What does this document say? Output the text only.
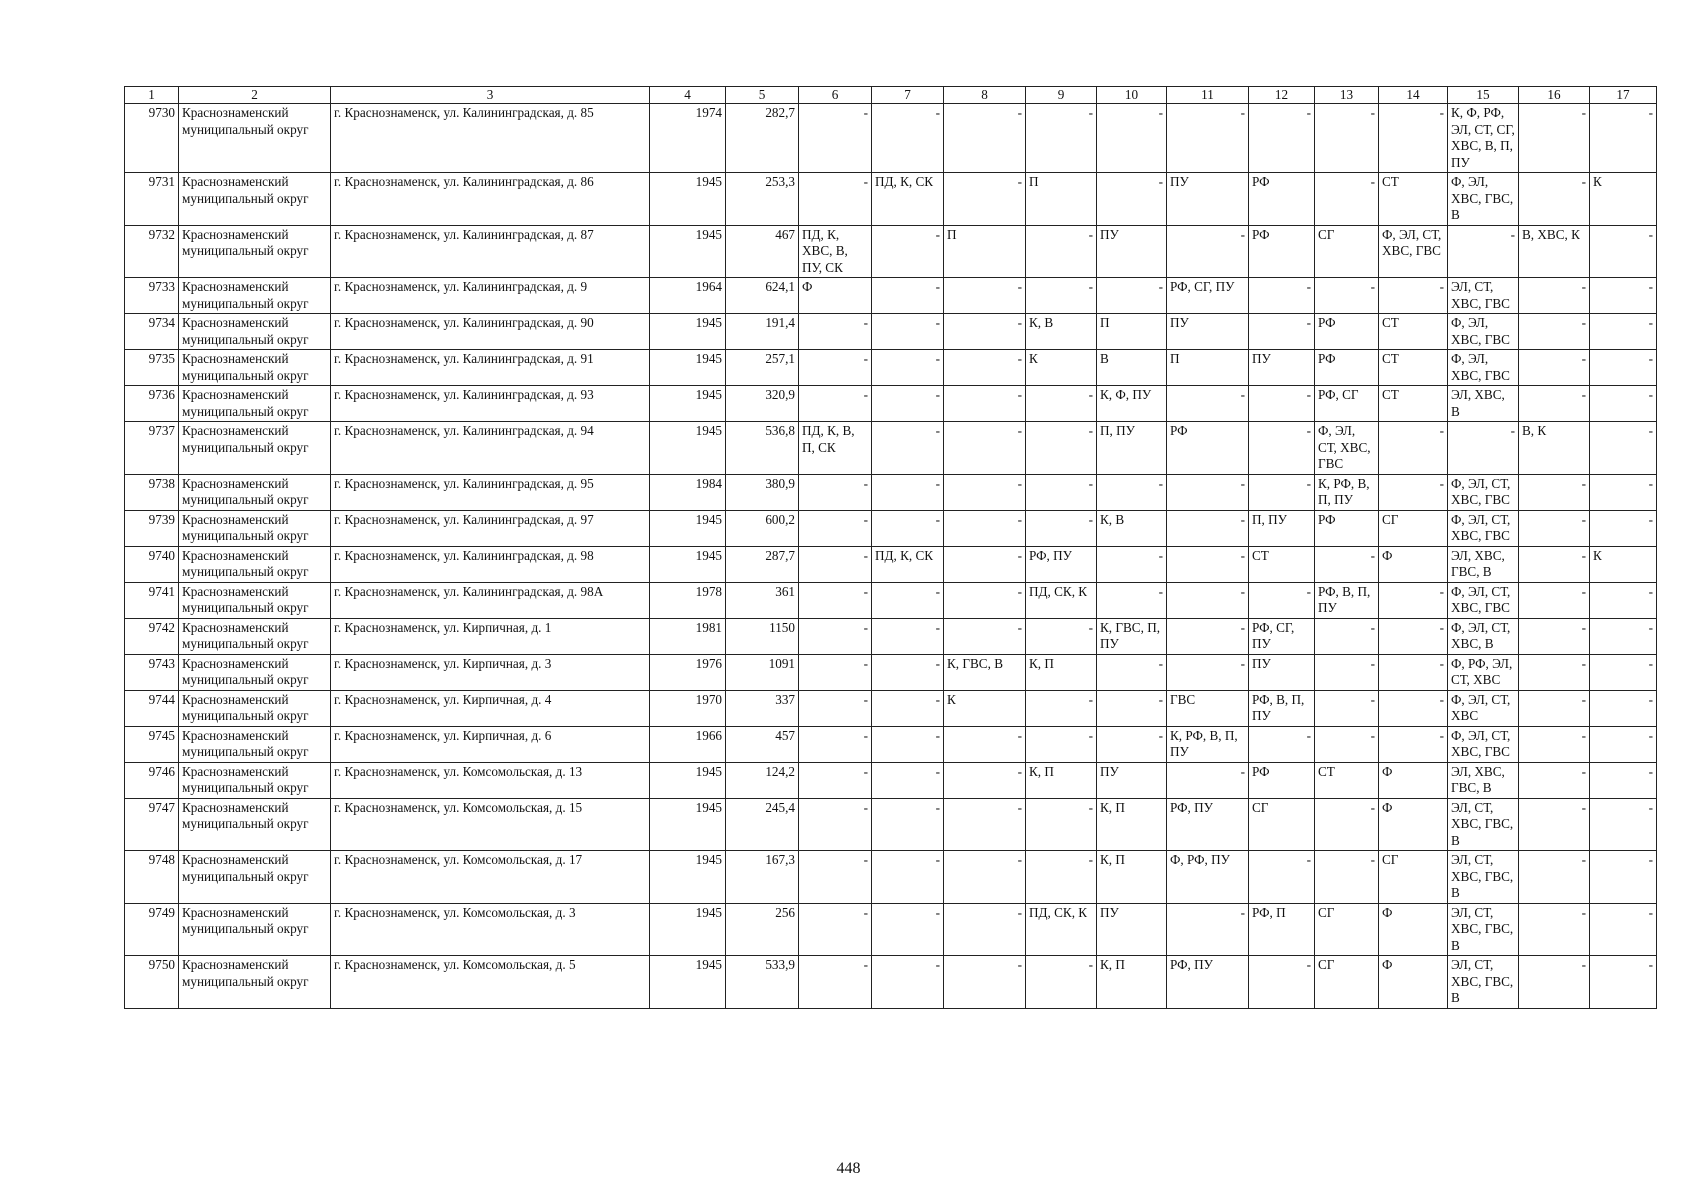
1	2	3	4	5	6	7	8	9	10	11	12	13	14	15	16	17
9730	Краснознаменский муниципальный округ	г. Краснознаменск, ул. Калининградская, д. 85	1974	282,7	-	-	-	-	-	-	-	-	-	К, Ф, РФ, ЭЛ, СТ, СГ, ХВС, В, П, ПУ	-	-
9731	Краснознаменский муниципальный округ	г. Краснознаменск, ул. Калининградская, д. 86	1945	253,3	-	ПД, К, СК	-	П	-	ПУ	РФ	-	СТ	Ф, ЭЛ, ХВС, ГВС, В	-	К
9732	Краснознаменский муниципальный округ	г. Краснознаменск, ул. Калининградская, д. 87	1945	467	ПД, К, ХВС, В, ПУ, СК	-	П	-	ПУ	-	РФ	СГ	Ф, ЭЛ, СТ, ХВС, ГВС	-	В, ХВС, К	-
9733	Краснознаменский муниципальный округ	г. Краснознаменск, ул. Калининградская, д. 9	1964	624,1	Ф	-	-	-	-	РФ, СГ, ПУ	-	-	-	ЭЛ, СТ, ХВС, ГВС	-	-
9734	Краснознаменский муниципальный округ	г. Краснознаменск, ул. Калининградская, д. 90	1945	191,4	-	-	-	К, В	П	ПУ	-	РФ	СТ	Ф, ЭЛ, ХВС, ГВС	-	-
9735	Краснознаменский муниципальный округ	г. Краснознаменск, ул. Калининградская, д. 91	1945	257,1	-	-	-	К	В	П	ПУ	РФ	СТ	Ф, ЭЛ, ХВС, ГВС	-	-
9736	Краснознаменский муниципальный округ	г. Краснознаменск, ул. Калининградская, д. 93	1945	320,9	-	-	-	-	К, Ф, ПУ	-	-	РФ, СГ	СТ	ЭЛ, ХВС, В	-	-
9737	Краснознаменский муниципальный округ	г. Краснознаменск, ул. Калининградская, д. 94	1945	536,8	ПД, К, В, П, СК	-	-	-	П, ПУ	РФ	-	Ф, ЭЛ, СТ, ХВС, ГВС	-	-	В, К	-
9738	Краснознаменский муниципальный округ	г. Краснознаменск, ул. Калининградская, д. 95	1984	380,9	-	-	-	-	-	-	-	К, РФ, В, П, ПУ	-	Ф, ЭЛ, СТ, ХВС, ГВС	-	-
9739	Краснознаменский муниципальный округ	г. Краснознаменск, ул. Калининградская, д. 97	1945	600,2	-	-	-	-	К, В	-	П, ПУ	РФ	СГ	Ф, ЭЛ, СТ, ХВС, ГВС	-	-
9740	Краснознаменский муниципальный округ	г. Краснознаменск, ул. Калининградская, д. 98	1945	287,7	-	ПД, К, СК	-	РФ, ПУ	-	-	СТ	-	Ф	ЭЛ, ХВС, ГВС, В	-	К
9741	Краснознаменский муниципальный округ	г. Краснознаменск, ул. Калининградская, д. 98А	1978	361	-	-	-	ПД, СК, К	-	-	-	РФ, В, П, ПУ	-	Ф, ЭЛ, СТ, ХВС, ГВС	-	-
9742	Краснознаменский муниципальный округ	г. Краснознаменск, ул. Кирпичная, д. 1	1981	1150	-	-	-	-	К, ГВС, П, ПУ	-	РФ, СГ, ПУ	-	-	Ф, ЭЛ, СТ, ХВС, В	-	-
9743	Краснознаменский муниципальный округ	г. Краснознаменск, ул. Кирпичная, д. 3	1976	1091	-	-	К, ГВС, В	К, П	-	-	ПУ	-	-	Ф, РФ, ЭЛ, СТ, ХВС	-	-
9744	Краснознаменский муниципальный округ	г. Краснознаменск, ул. Кирпичная, д. 4	1970	337	-	-	К	-	-	ГВС	РФ, В, П, ПУ	-	-	Ф, ЭЛ, СТ, ХВС	-	-
9745	Краснознаменский муниципальный округ	г. Краснознаменск, ул. Кирпичная, д. 6	1966	457	-	-	-	-	-	К, РФ, В, П, ПУ	-	-	-	Ф, ЭЛ, СТ, ХВС, ГВС	-	-
9746	Краснознаменский муниципальный округ	г. Краснознаменск, ул. Комсомольская, д. 13	1945	124,2	-	-	-	К, П	ПУ	-	РФ	СТ	Ф	ЭЛ, ХВС, ГВС, В	-	-
9747	Краснознаменский муниципальный округ	г. Краснознаменск, ул. Комсомольская, д. 15	1945	245,4	-	-	-	-	К, П	РФ, ПУ	СГ	-	Ф	ЭЛ, СТ, ХВС, ГВС, В	-	-
9748	Краснознаменский муниципальный округ	г. Краснознаменск, ул. Комсомольская, д. 17	1945	167,3	-	-	-	-	К, П	Ф, РФ, ПУ	-	-	СГ	ЭЛ, СТ, ХВС, ГВС, В	-	-
9749	Краснознаменский муниципальный округ	г. Краснознаменск, ул. Комсомольская, д. 3	1945	256	-	-	-	ПД, СК, К	ПУ	-	РФ, П	СГ	Ф	ЭЛ, СТ, ХВС, ГВС, В	-	-
9750	Краснознаменский муниципальный округ	г. Краснознаменск, ул. Комсомольская, д. 5	1945	533,9	-	-	-	-	К, П	РФ, ПУ	-	СГ	Ф	ЭЛ, СТ, ХВС, ГВС, В	-	-
448
